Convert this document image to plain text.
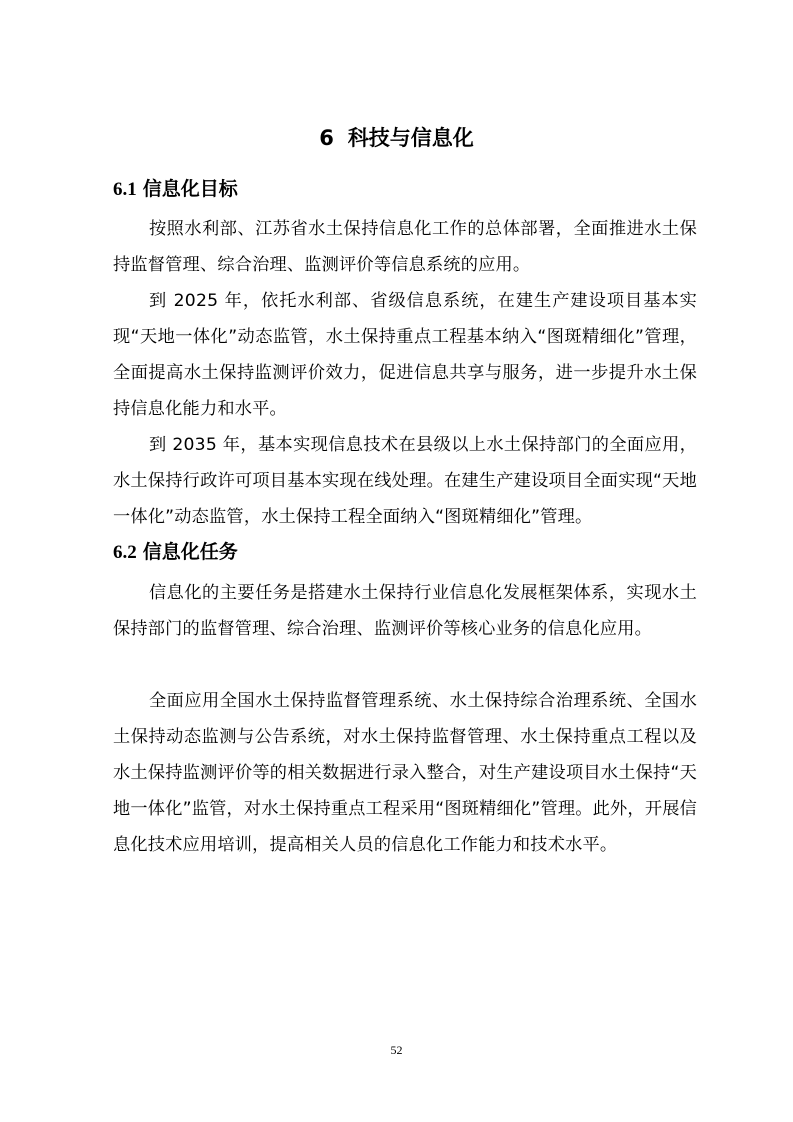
6 科技与信息化
6.1 信息化目标

按照水利部、江苏省水土保持信息化工作的总体部署，全面推进水土保持监督管理、综合治理、监测评价等信息系统的应用。

到 2025 年，依托水利部、省级信息系统，在建生产建设项目基本实现“天地一体化”动态监管，水土保持重点工程基本纳入“图斑精细化”管理，全面提高水土保持监测评价效力，促进信息共享与服务，进一步提升水土保持信息化能力和水平。

到 2035 年，基本实现信息技术在县级以上水土保持部门的全面应用，水土保持行政许可项目基本实现在线处理。在建生产建设项目全面实现“天地一体化”动态监管，水土保持工程全面纳入“图斑精细化”管理。

6.2 信息化任务

信息化的主要任务是搭建水土保持行业信息化发展框架体系，实现水土保持部门的监督管理、综合治理、监测评价等核心业务的信息化应用。

全面应用全国水土保持监督管理系统、水土保持综合治理系统、全国水土保持动态监测与公告系统，对水土保持监督管理、水土保持重点工程以及水土保持监测评价等的相关数据进行录入整合，对生产建设项目水土保持“天地一体化”监管，对水土保持重点工程采用“图斑精细化”管理。此外，开展信息化技术应用培训，提高相关人员的信息化工作能力和技术水平。

52
